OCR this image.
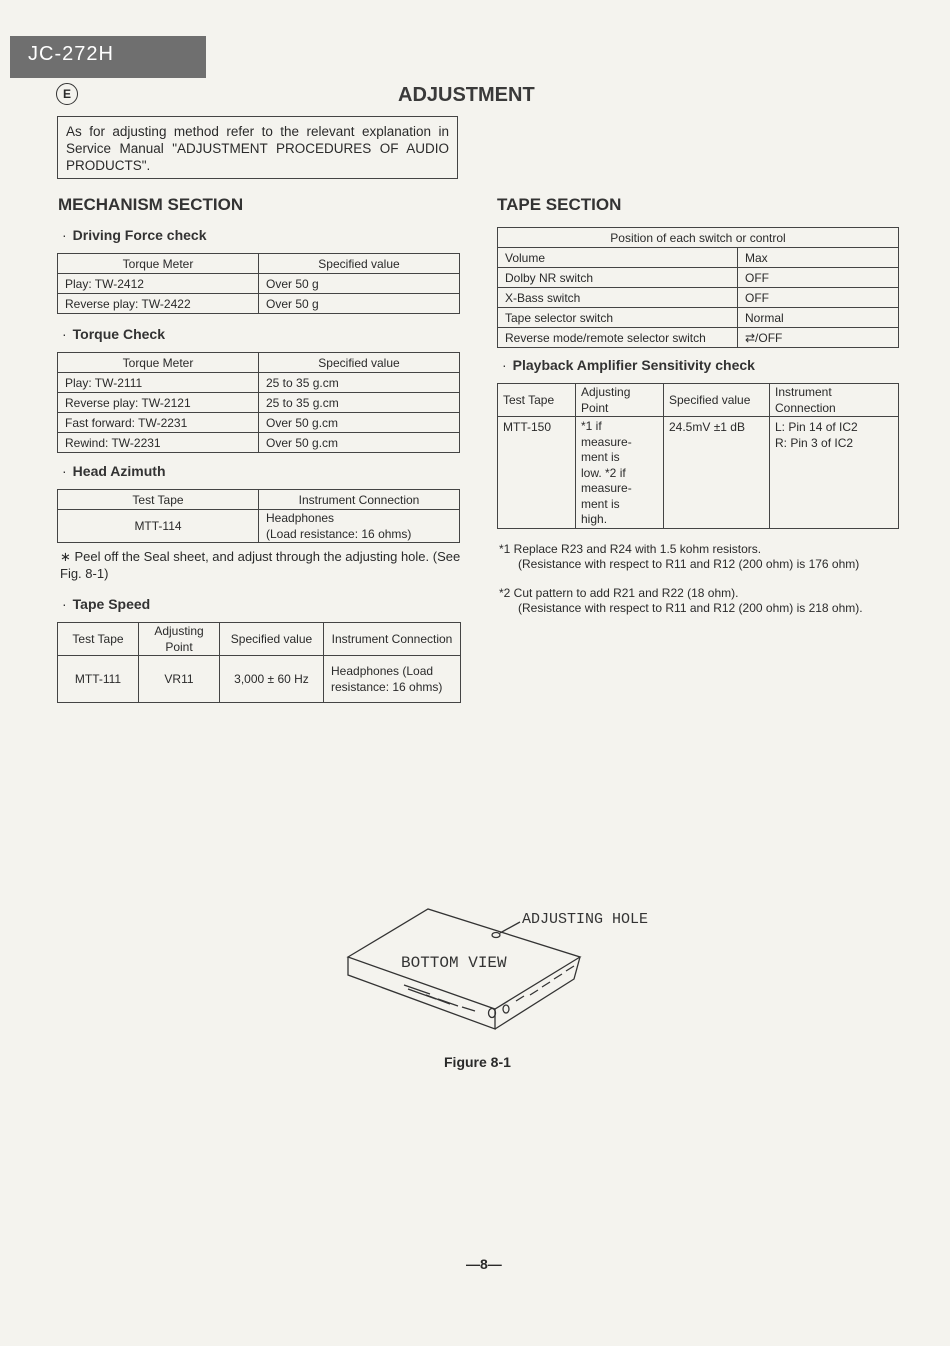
JC-272H
E	ADJUSTMENT
As for adjusting method refer to the relevant explanation in Service Manual "ADJUSTMENT PROCEDURES OF AUDIO PRODUCTS".
MECHANISM SECTION
· Driving Force check
Torque Meter	Specified value
Play: TW-2412	Over 50 g
Reverse play: TW-2422	Over 50 g
· Torque Check
Torque Meter	Specified value
Play: TW-2111	25 to 35 g.cm
Reverse play: TW-2121	25 to 35 g.cm
Fast forward: TW-2231	Over 50 g.cm
Rewind: TW-2231	Over 50 g.cm
· Head Azimuth
Test Tape	Instrument Connection
MTT-114	Headphones
(Load resistance: 16 ohms)
∗ Peel off the Seal sheet, and adjust through the adjusting hole. (See Fig. 8-1)
· Tape Speed
Test Tape	Adjusting Point	Specified value	Instrument Connection
MTT-111	VR11	3,000 ± 60 Hz	Headphones (Load resistance: 16 ohms)
TAPE SECTION
Position of each switch or control	
Volume	Max
Dolby NR switch	OFF
X-Bass switch	OFF
Tape selector switch	Normal
Reverse mode/remote selector switch	⇄/OFF
· Playback Amplifier Sensitivity check
Test Tape	Adjusting Point	Specified value	Instrument Connection
MTT-150	*1 if measure-ment is low. *2 if measure-ment is high.	24.5mV ±1 dB	L: Pin 14 of IC2
R: Pin 3 of IC2
*1 Replace R23 and R24 with 1.5 kohm resistors.
(Resistance with respect to R11 and R12 (200 ohm) is 176 ohm)
*2 Cut pattern to add R21 and R22 (18 ohm).
(Resistance with respect to R11 and R12 (200 ohm) is 218 ohm).
ADJUSTING HOLE
BOTTOM VIEW
Figure 8-1
—8—
